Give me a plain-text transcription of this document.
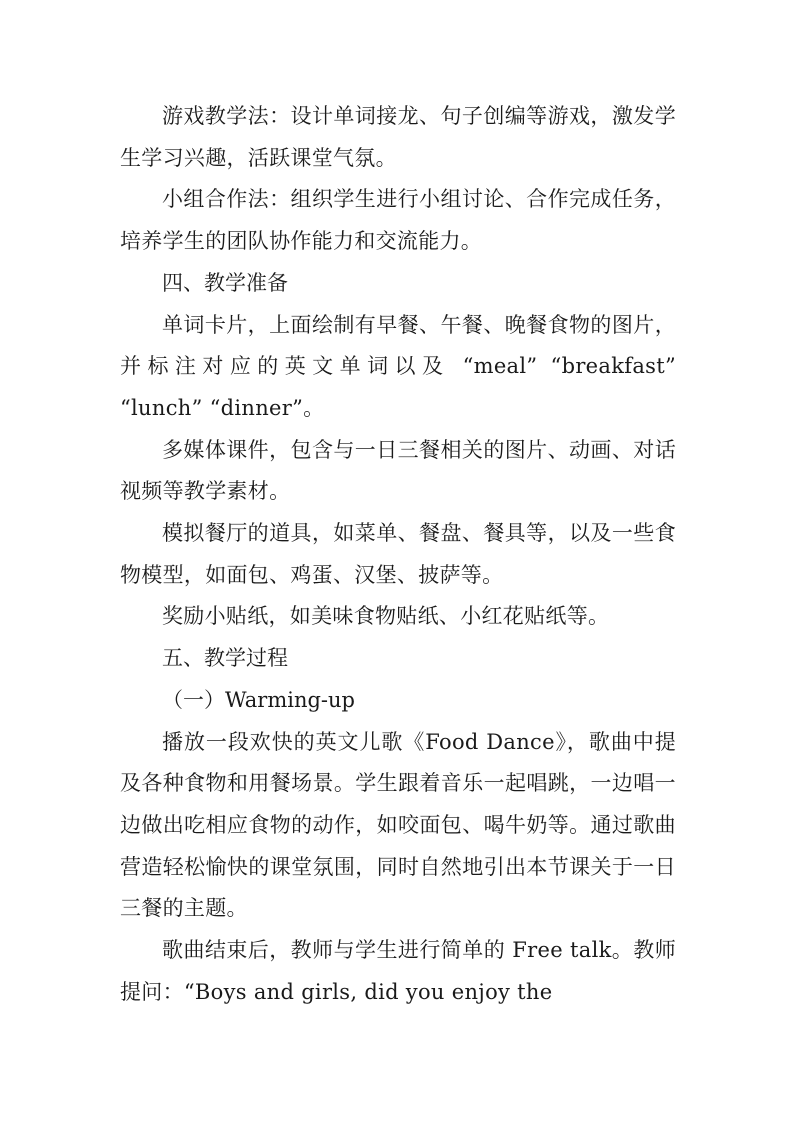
游戏教学法：设计单词接龙、句子创编等游戏，激发学生学习兴趣，活跃课堂气氛。

小组合作法：组织学生进行小组讨论、合作完成任务，培养学生的团队协作能力和交流能力。

四、教学准备

单词卡片，上面绘制有早餐、午餐、晚餐食物的图片，并标注对应的英文单词以及 “meal” “breakfast” “lunch” “dinner”。

多媒体课件，包含与一日三餐相关的图片、动画、对话视频等教学素材。

模拟餐厅的道具，如菜单、餐盘、餐具等，以及一些食物模型，如面包、鸡蛋、汉堡、披萨等。

奖励小贴纸，如美味食物贴纸、小红花贴纸等。

五、教学过程

（一）Warming-up

播放一段欢快的英文儿歌《Food Dance》，歌曲中提及各种食物和用餐场景。学生跟着音乐一起唱跳，一边唱一边做出吃相应食物的动作，如咬面包、喝牛奶等。通过歌曲营造轻松愉快的课堂氛围，同时自然地引出本节课关于一日三餐的主题。

歌曲结束后，教师与学生进行简单的 Free talk。教师提问：“Boys and girls, did you enjoy the
